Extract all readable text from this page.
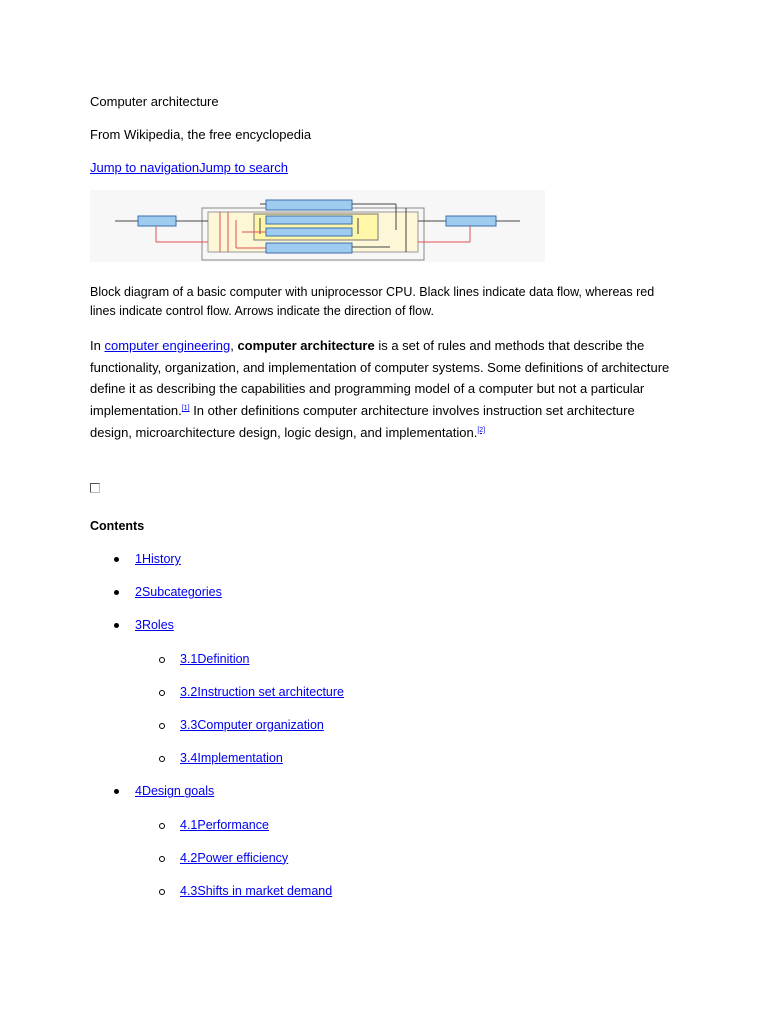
Computer architecture
From Wikipedia, the free encyclopedia
Jump to navigationJump to search
Block diagram of a basic computer with uniprocessor CPU. Black lines indicate data flow, whereas red lines indicate control flow. Arrows indicate the direction of flow.
In computer engineering, computer architecture is a set of rules and methods that describe the functionality, organization, and implementation of computer systems. Some definitions of architecture define it as describing the capabilities and programming model of a computer but not a particular implementation.[1] In other definitions computer architecture involves instruction set architecture design, microarchitecture design, logic design, and implementation.[2]
Contents
1History
2Subcategories
3Roles
3.1Definition
3.2Instruction set architecture
3.3Computer organization
3.4Implementation
4Design goals
4.1Performance
4.2Power efficiency
4.3Shifts in market demand
